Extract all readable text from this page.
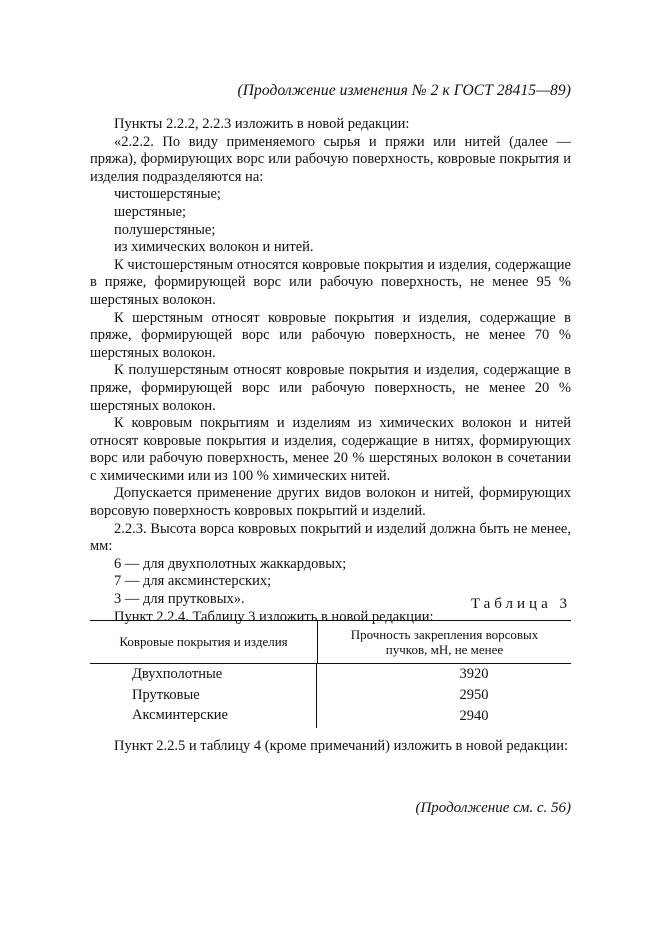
(Продолжение изменения № 2 к ГОСТ 28415—89)

Пункты 2.2.2, 2.2.3 изложить в новой редакции:

«2.2.2. По виду применяемого сырья и пряжи или нитей (далее — пряжа), формирующих ворс или рабочую поверхность, ковровые покрытия и изделия подразделяются на:

чистошерстяные;

шерстяные;

полушерстяные;

из химических волокон и нитей.

К чистошерстяным относятся ковровые покрытия и изделия, содержащие в пряже, формирующей ворс или рабочую поверхность, не менее 95 % шерстяных волокон.

К шерстяным относят ковровые покрытия и изделия, содержащие в пряже, формирующей ворс или рабочую поверхность, не менее 70 % шерстяных волокон.

К полушерстяным относят ковровые покрытия и изделия, содержащие в пряже, формирующей ворс или рабочую поверхность, не менее 20 % шерстяных волокон.

К ковровым покрытиям и изделиям из химических волокон и нитей относят ковровые покрытия и изделия, содержащие в нитях, формирующих ворс или рабочую поверхность, менее 20 % шерстяных волокон в сочетании с химическими или из 100 % химических нитей.

Допускается применение других видов волокон и нитей, формирующих ворсовую поверхность ковровых покрытий и изделий.

2.2.3. Высота ворса ковровых покрытий и изделий должна быть не менее, мм:

6 — для двухполотных жаккардовых;

7 — для аксминстерских;

3 — для прутковых».

Пункт 2.2.4. Таблицу 3 изложить в новой редакции:

Таблица 3
Ковровые покрытия и изделия	Прочность закрепления ворсовых
пучков, мН, не менее
Двухполотные	3920
Прутковые	2950
Аксминтерские	2940

Пункт 2.2.5 и таблицу 4 (кроме примечаний) изложить в новой редакции:

(Продолжение см. с. 56)
